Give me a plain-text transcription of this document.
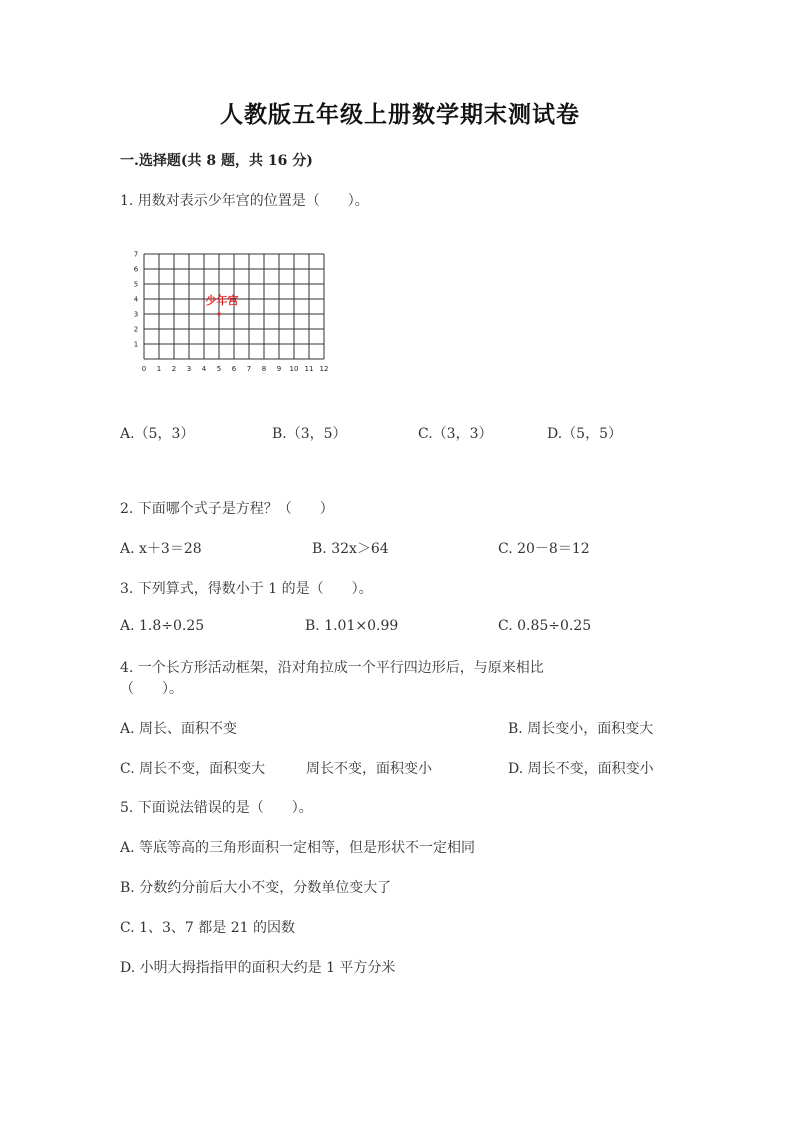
人教版五年级上册数学期末测试卷
一.选择题(共 8 题，共 16 分)
1. 用数对表示少年宫的位置是（　　）。
0 1 2 3 4 5 6 7 8 9 10 11 12
1
2
3
4
5
6
7
少年宫
A.（5，3）	B.（3，5）	C.（3，3）	D.（5，5）
2. 下面哪个式子是方程？（　　）
A. x＋3＝28	B. 32x＞64	C. 20－8＝12
3. 下列算式，得数小于 1 的是（　　）。
A. 1.8÷0.25	B. 1.01×0.99	C. 0.85÷0.25
4. 一个长方形活动框架，沿对角拉成一个平行四边形后，与原来相比
（　　）。
A. 周长、面积不变	B. 周长变小，面积变大
C. 周长不变，面积变大	周长不变，面积变小	D. 周长不变，面积变小
5. 下面说法错误的是（　　）。
A. 等底等高的三角形面积一定相等，但是形状不一定相同
B. 分数约分前后大小不变，分数单位变大了
C. 1、3、7 都是 21 的因数
D. 小明大拇指指甲的面积大约是 1 平方分米
